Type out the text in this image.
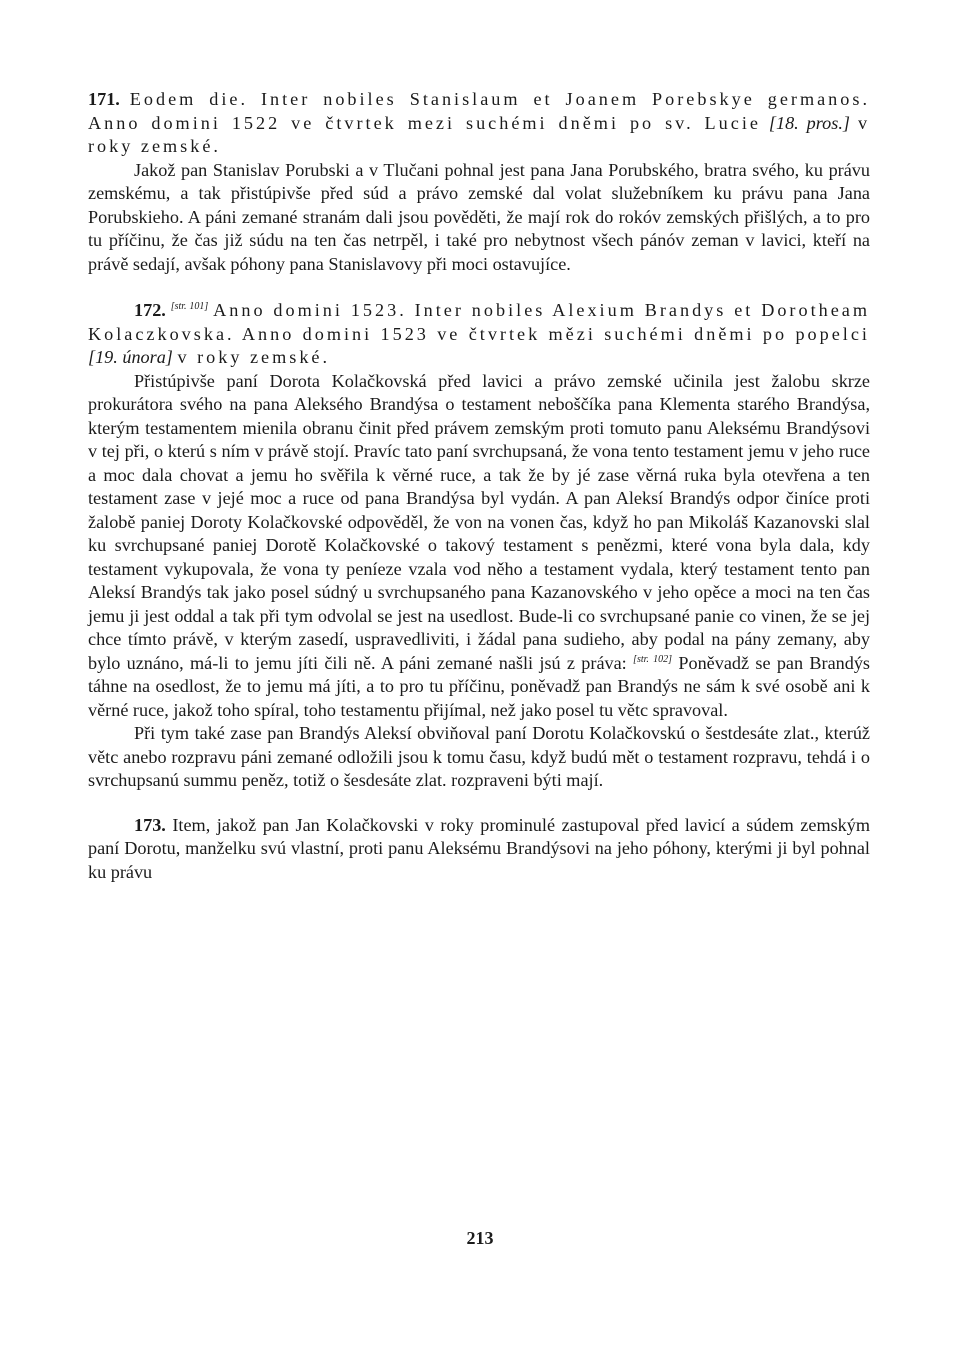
171. Eodem die. Inter nobiles Stanislaum et Joanem Porebskye germanos. Anno domini 1522 ve čtvrtek mezi suchémi dněmi po sv. Lucie [18. pros.] v roky zemské.

Jakož pan Stanislav Porubski a v Tlučani pohnal jest pana Jana Porubského, bratra svého, ku právu zemskému, a tak přistúpivše před súd a právo zemské dal volat služebníkem ku právu pana Jana Porubskieho. A páni zemané stranám dali jsou pověděti, že mají rok do rokóv zemských přišlých, a to pro tu příčinu, že čas již súdu na ten čas netrpěl, i také pro nebytnost všech pánóv zeman v lavici, kteří na právě sedají, avšak póhony pana Stanislavovy při moci ostavujíce.

172. [str. 101] Anno domini 1523. Inter nobiles Alexium Brandys et Dorotheam Kolaczkovska. Anno domini 1523 ve čtvrtek mězi suchémi dněmi po popelci [19. února] v roky zemské.

Přistúpivše paní Dorota Kolačkovská před lavici a právo zemské učinila jest žalobu skrze prokurátora svého na pana Aleksého Brandýsa o testament neboščíka pana Klementa starého Brandýsa, kterým testamentem mienila obranu činit před právem zemským proti tomuto panu Aleksému Brandýsovi v tej při, o kterú s ním v právě stojí. Pravíc tato paní svrchupsaná, že vona tento testament jemu v jeho ruce a moc dala chovat a jemu ho svěřila k věrné ruce, a tak že by jé zase věrná ruka byla otevřena a ten testament zase v jejé moc a ruce od pana Brandýsa byl vydán. A pan Aleksí Brandýs odpor činíce proti žalobě paniej Doroty Kolačkovské odpověděl, že von na vonen čas, když ho pan Mikoláš Kazanovski slal ku svrchupsané paniej Dorotě Kolačkovské o takový testament s penězmi, které vona byla dala, kdy testament vykupovala, že vona ty peníeze vzala vod něho a testament vydala, který testament tento pan Aleksí Brandýs tak jako posel súdný u svrchupsaného pana Kazanovského v jeho opěce a moci na ten čas jemu ji jest oddal a tak při tym odvolal se jest na usedlost. Bude-li co svrchupsané panie co vinen, že se jej chce tímto právě, v kterým zasedí, uspravedliviti, i žádal pana sudieho, aby podal na pány zemany, aby bylo uznáno, má-li to jemu jíti čili ně. A páni zemané našli jsú z práva: [str. 102] Poněvadž se pan Brandýs táhne na osedlost, že to jemu má jíti, a to pro tu příčinu, poněvadž pan Brandýs ne sám k své osobě ani k věrné ruce, jakož toho spíral, toho testamentu přijímal, než jako posel tu větc spravoval.

Při tym také zase pan Brandýs Aleksí obviňoval paní Dorotu Kolačkovskú o šestdesáte zlat., kterúž větc anebo rozpravu páni zemané odložili jsou k tomu času, když budú mět o testament rozpravu, tehdá i o svrchupsanú summu peněz, totiž o šesdesáte zlat. rozpraveni býti mají.

173. Item, jakož pan Jan Kolačkovski v roky prominulé zastupoval před lavicí a súdem zemským paní Dorotu, manželku svú vlastní, proti panu Aleksému Brandýsovi na jeho póhony, kterými ji byl pohnal ku právu

213
